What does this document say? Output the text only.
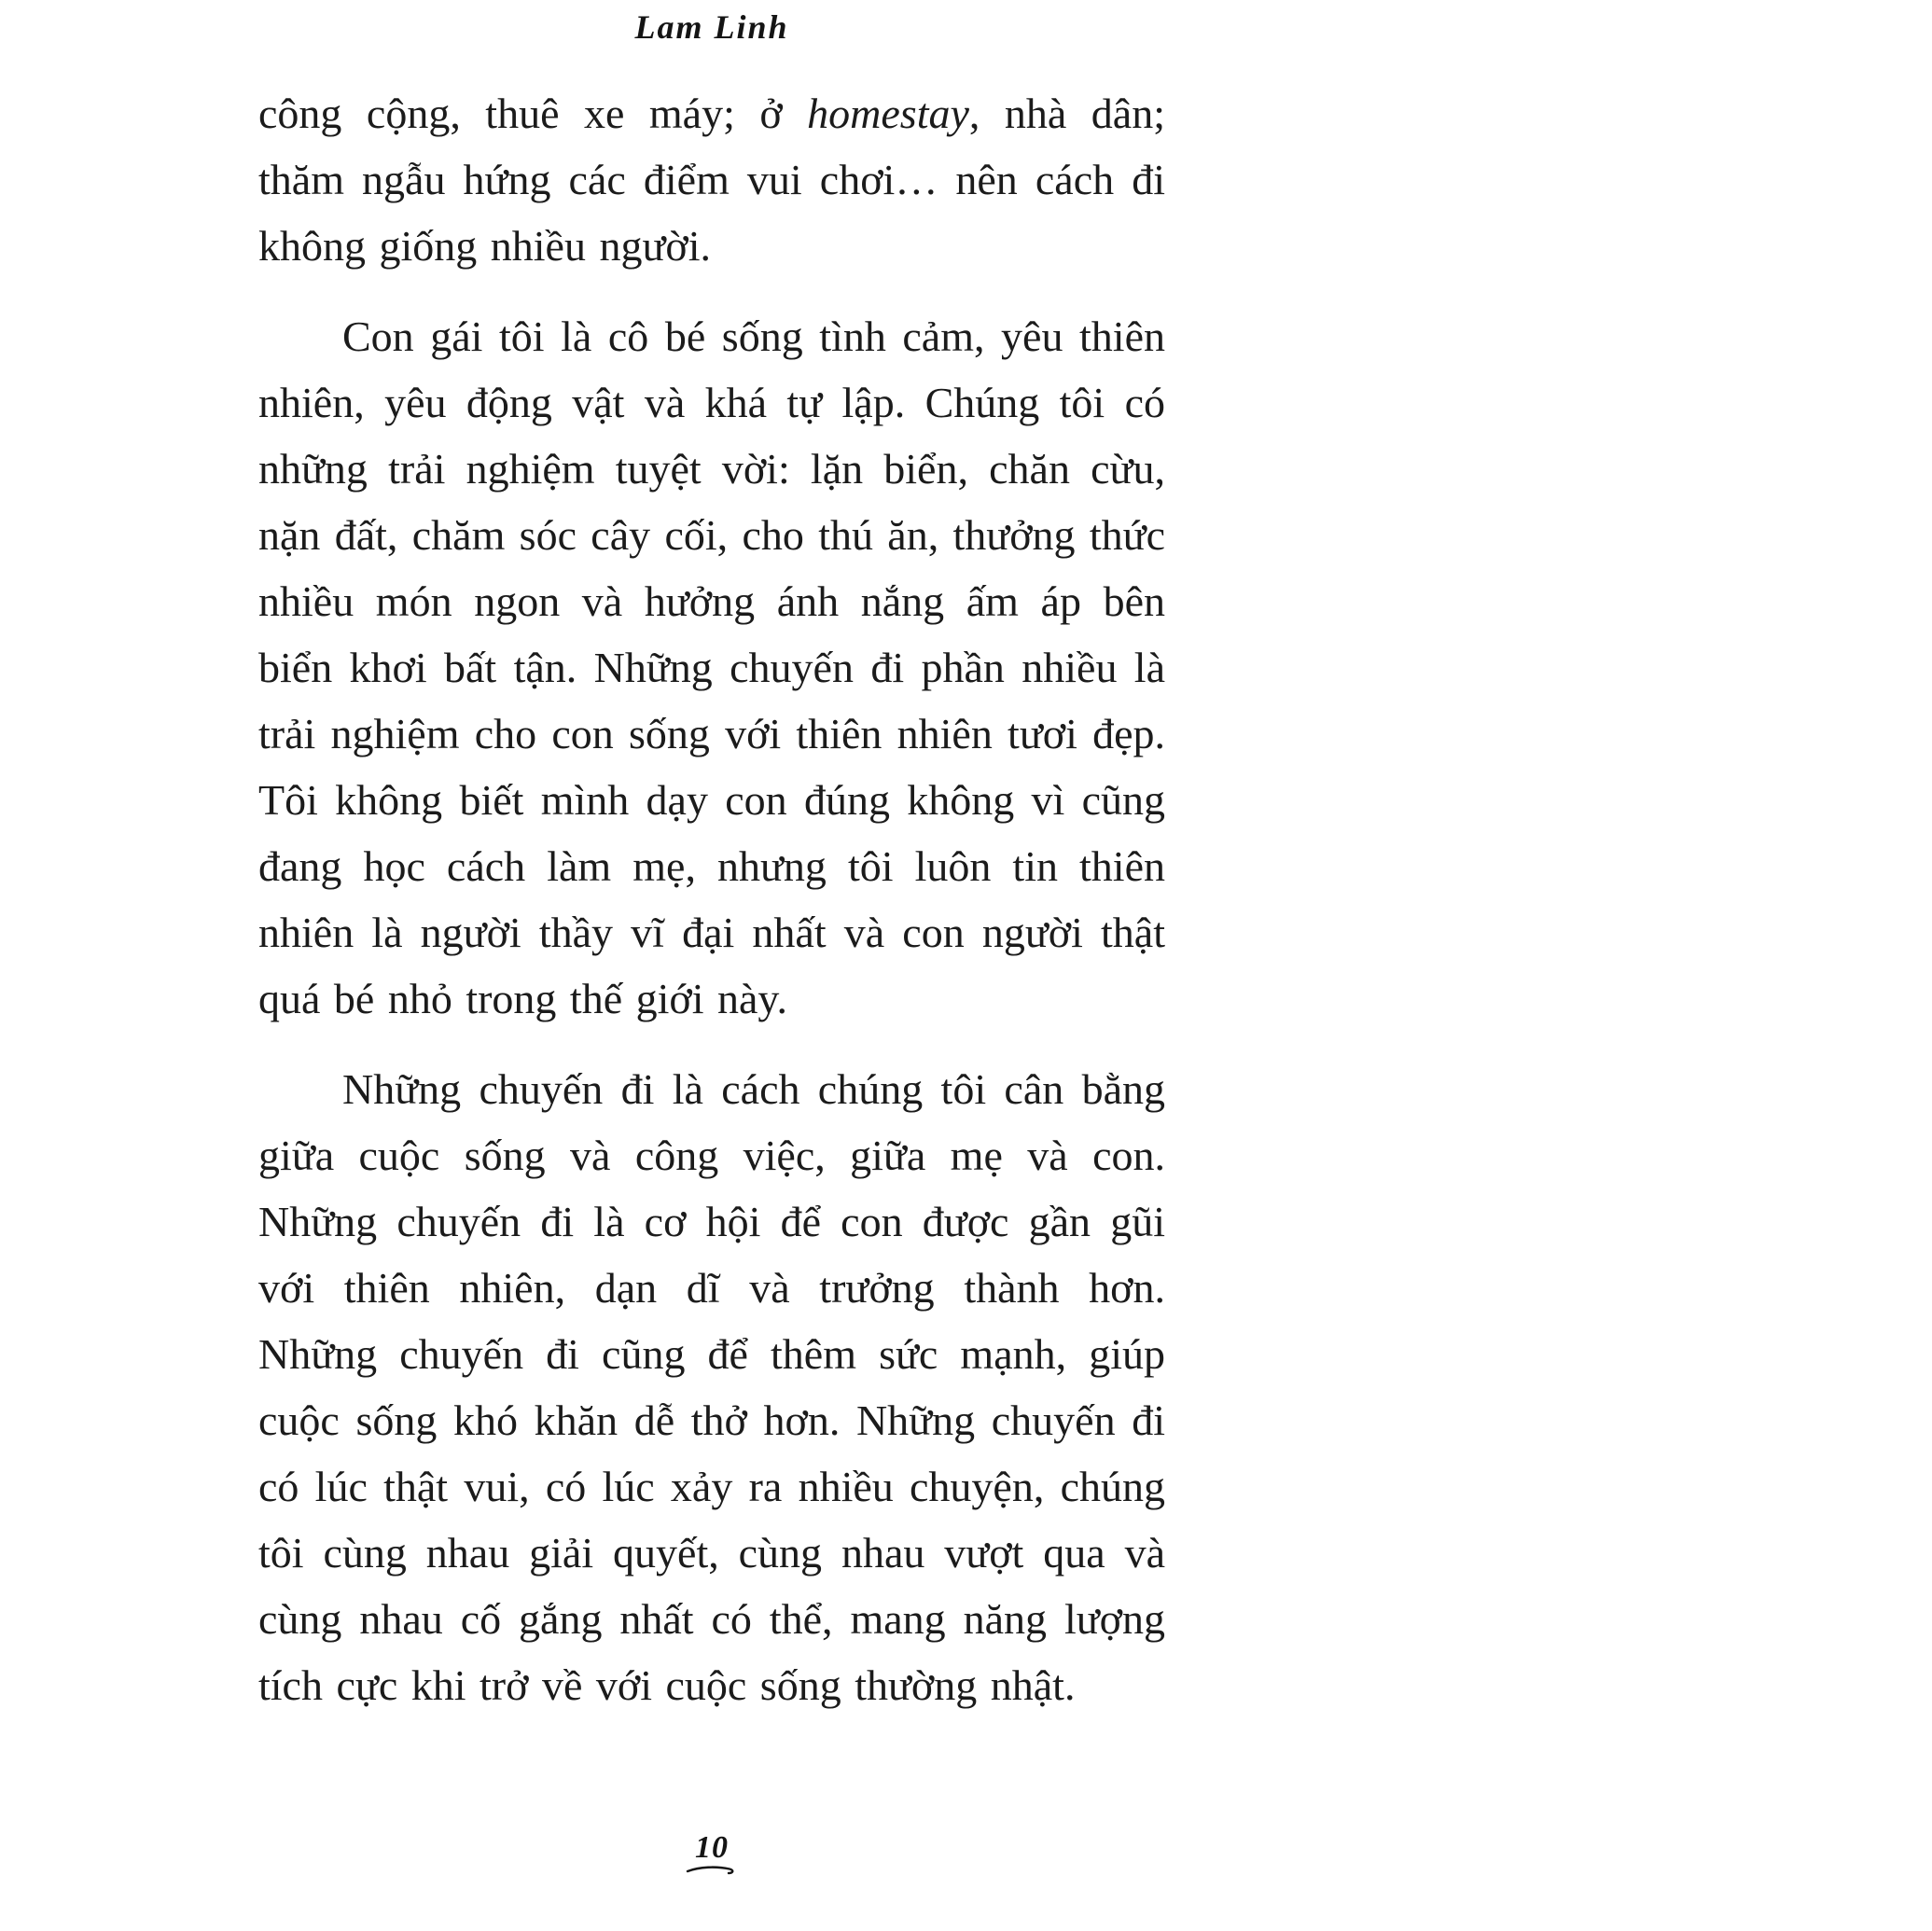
Lam Linh

công cộng, thuê xe máy; ở homestay, nhà dân; thăm ngẫu hứng các điểm vui chơi… nên cách đi không giống nhiều người.

Con gái tôi là cô bé sống tình cảm, yêu thiên nhiên, yêu động vật và khá tự lập. Chúng tôi có những trải nghiệm tuyệt vời: lặn biển, chăn cừu, nặn đất, chăm sóc cây cối, cho thú ăn, thưởng thức nhiều món ngon và hưởng ánh nắng ấm áp bên biển khơi bất tận. Những chuyến đi phần nhiều là trải nghiệm cho con sống với thiên nhiên tươi đẹp. Tôi không biết mình dạy con đúng không vì cũng đang học cách làm mẹ, nhưng tôi luôn tin thiên nhiên là người thầy vĩ đại nhất và con người thật quá bé nhỏ trong thế giới này.

Những chuyến đi là cách chúng tôi cân bằng giữa cuộc sống và công việc, giữa mẹ và con. Những chuyến đi là cơ hội để con được gần gũi với thiên nhiên, dạn dĩ và trưởng thành hơn. Những chuyến đi cũng để thêm sức mạnh, giúp cuộc sống khó khăn dễ thở hơn. Những chuyến đi có lúc thật vui, có lúc xảy ra nhiều chuyện, chúng tôi cùng nhau giải quyết, cùng nhau vượt qua và cùng nhau cố gắng nhất có thể, mang năng lượng tích cực khi trở về với cuộc sống thường nhật.

10
